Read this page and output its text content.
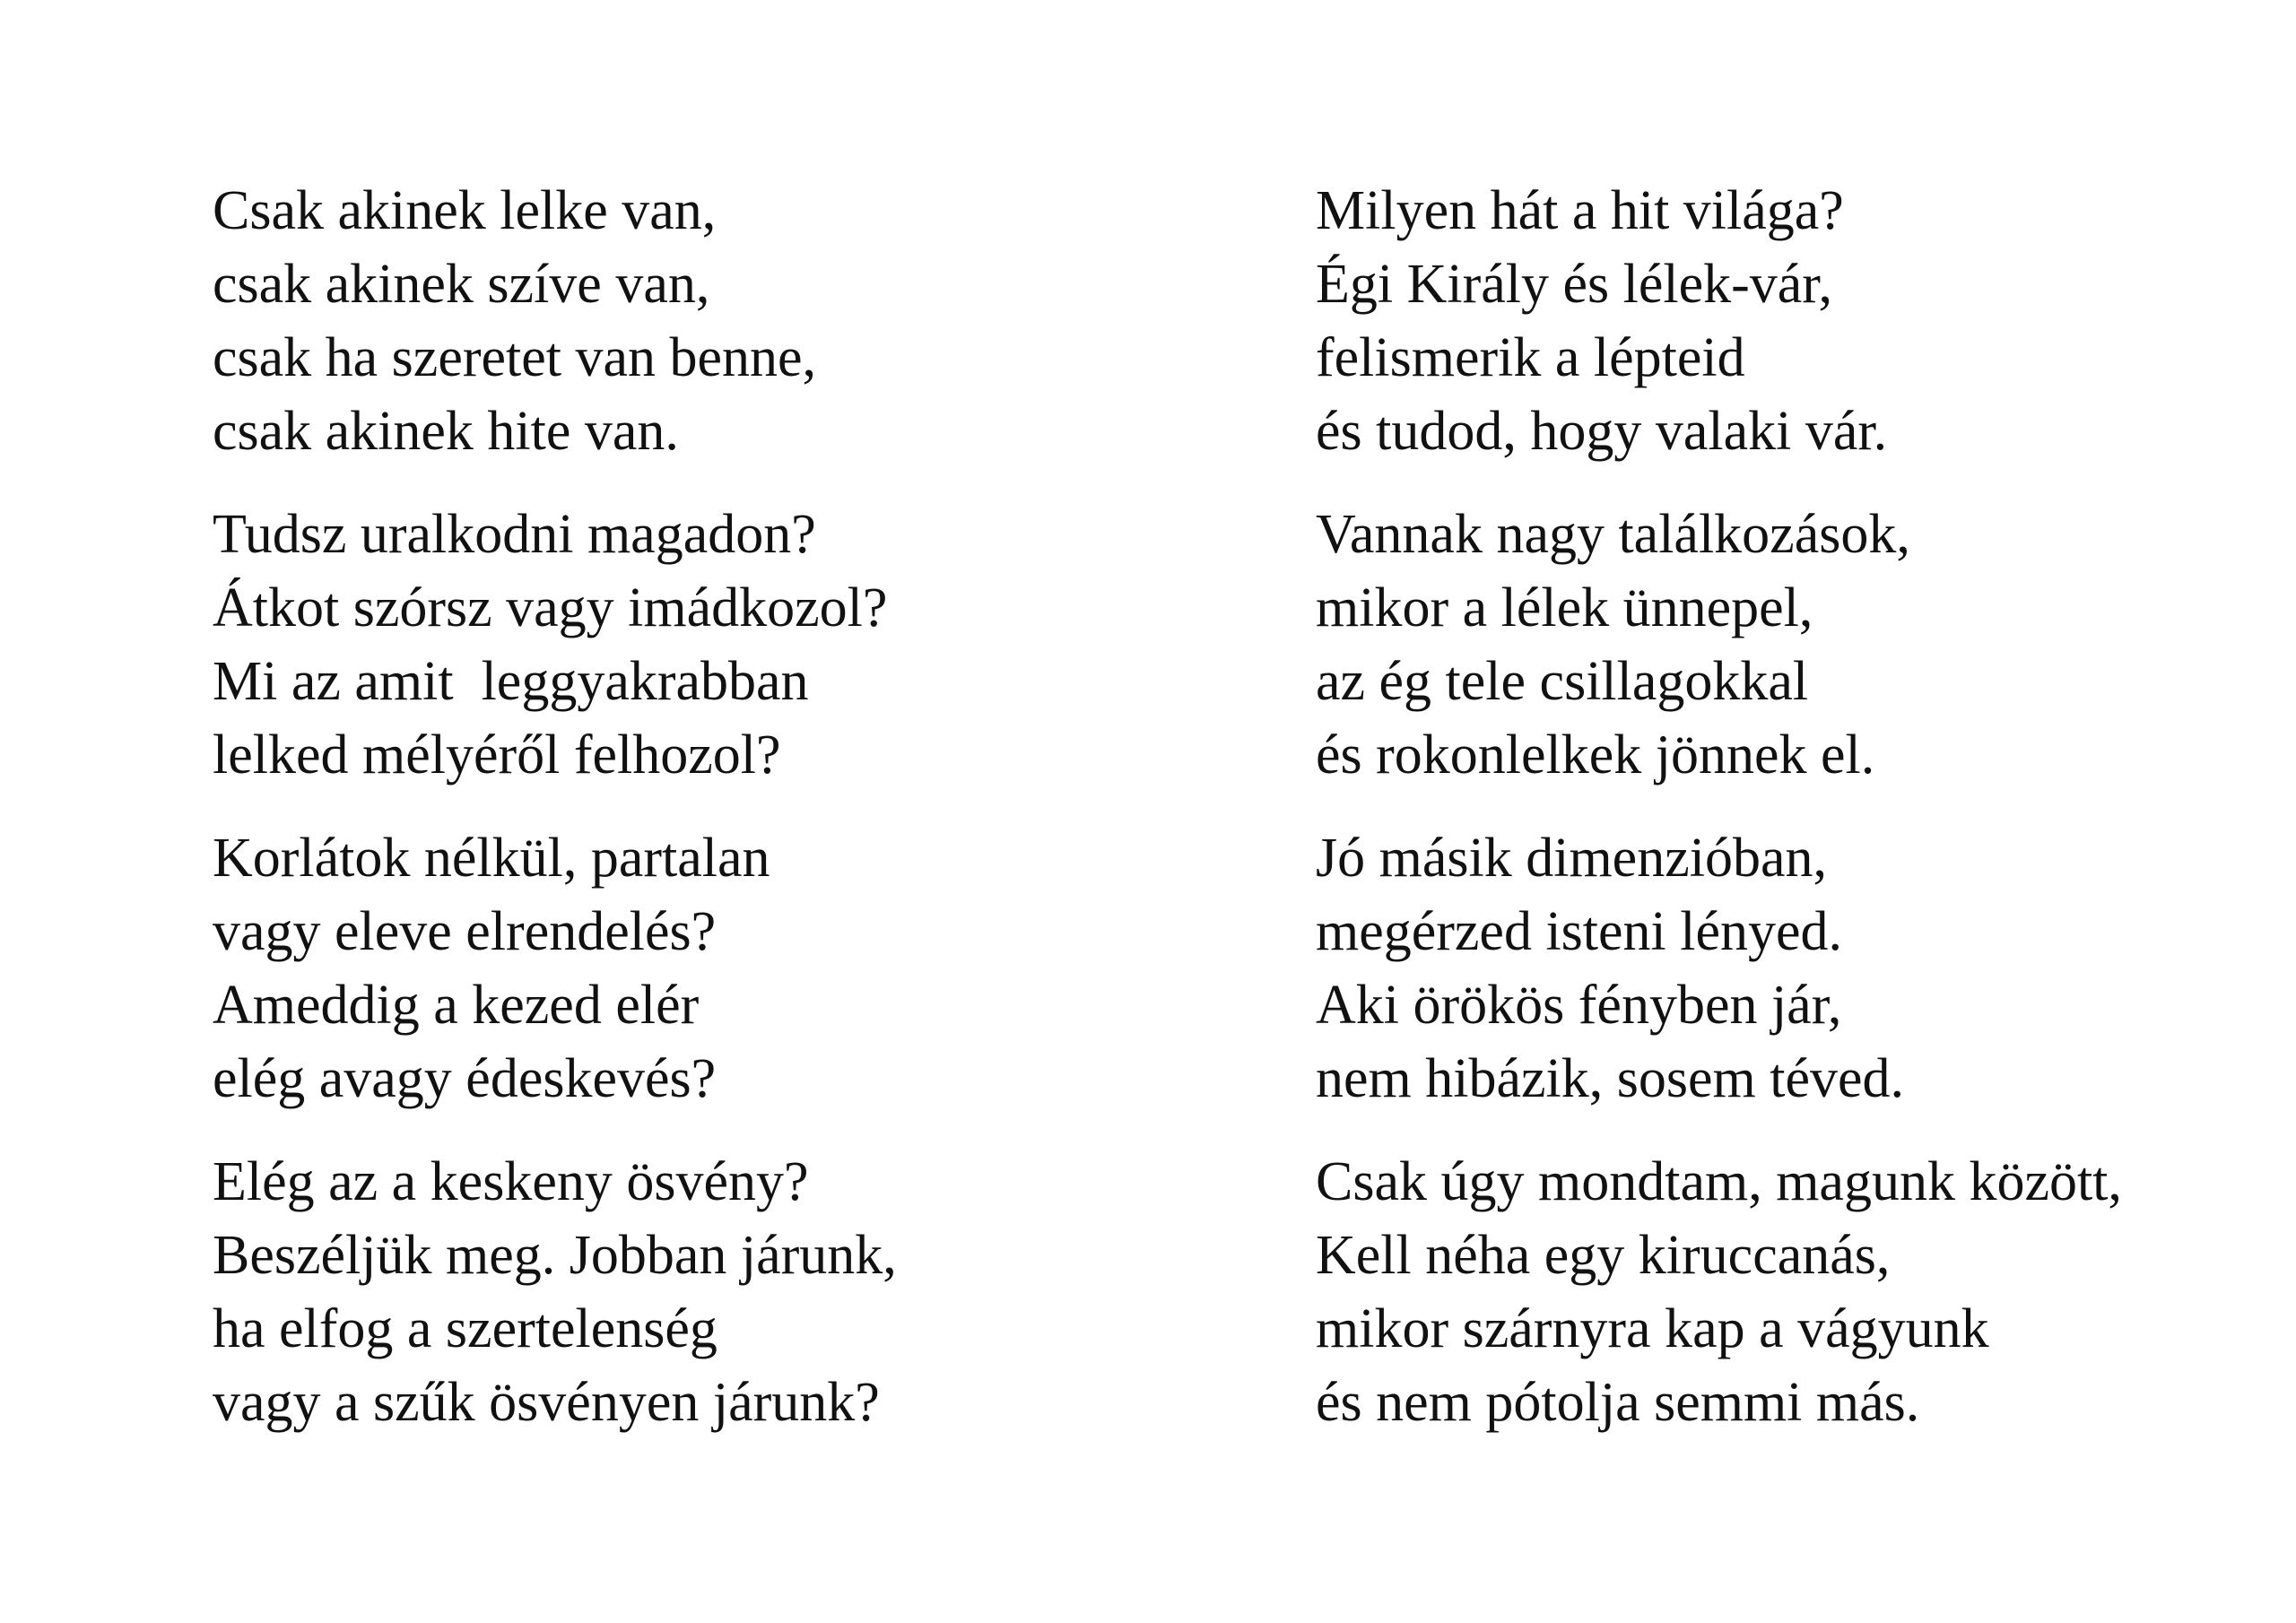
Csak akinek lelke van,
csak akinek szíve van,
csak ha szeretet van benne,
csak akinek hite van.
Tudsz uralkodni magadon?
Átkot szórsz vagy imádkozol?
Mi az amit  leggyakrabban
lelked mélyéről felhozol?
Korlátok nélkül, partalan
vagy eleve elrendelés?
Ameddig a kezed elér
elég avagy édeskevés?
Elég az a keskeny ösvény?
Beszéljük meg. Jobban járunk,
ha elfog a szertelenség
vagy a szűk ösvényen járunk?
Milyen hát a hit világa?
Égi Király és lélek-vár,
felismerik a lépteid
és tudod, hogy valaki vár.
Vannak nagy találkozások,
mikor a lélek ünnepel,
az ég tele csillagokkal
és rokonlelkek jönnek el.
Jó másik dimenzióban,
megérzed isteni lényed.
Aki örökös fényben jár,
nem hibázik, sosem téved.
Csak úgy mondtam, magunk között,
Kell néha egy kiruccanás,
mikor szárnyra kap a vágyunk
és nem pótolja semmi más.
